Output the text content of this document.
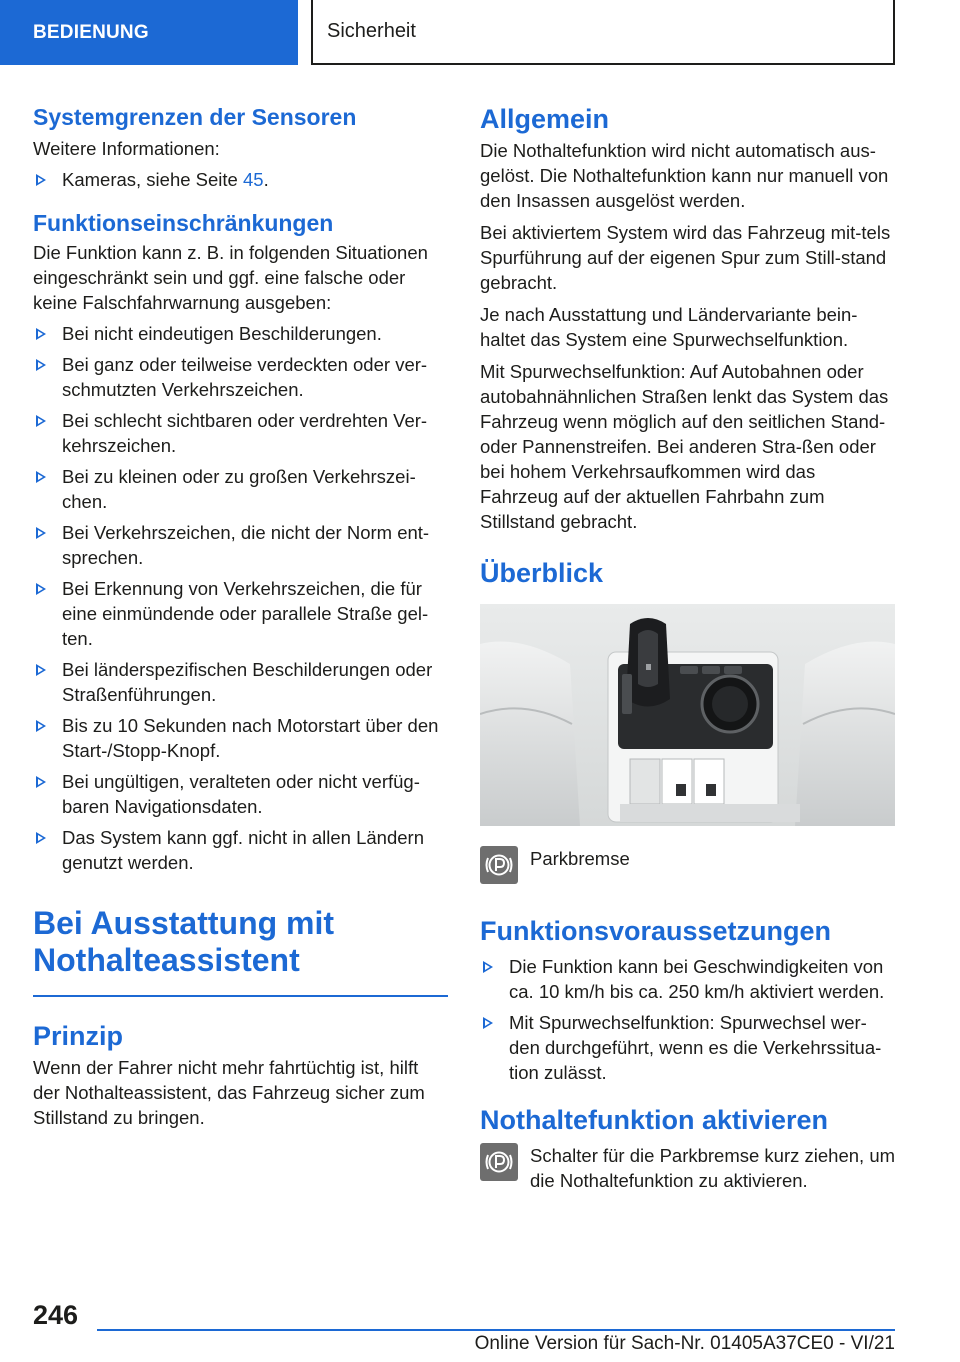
BEDIENUNG	Sicherheit
Systemgrenzen der Sensoren

Weitere Informationen:

Kameras, siehe Seite 45.
Funktionseinschränkungen

Die Funktion kann z. B. in folgenden Situationen eingeschränkt sein und ggf. eine falsche oder keine Falschfahrwarnung ausgeben:

Bei nicht eindeutigen Beschilderungen.
Bei ganz oder teilweise verdeckten oder ver-schmutzten Verkehrszeichen.
Bei schlecht sichtbaren oder verdrehten Ver-kehrszeichen.
Bei zu kleinen oder zu großen Verkehrszei-chen.
Bei Verkehrszeichen, die nicht der Norm ent-sprechen.
Bei Erkennung von Verkehrszeichen, die für eine einmündende oder parallele Straße gel-ten.
Bei länderspezifischen Beschilderungen oder Straßenführungen.
Bis zu 10 Sekunden nach Motorstart über den Start-/Stopp-Knopf.
Bei ungültigen, veralteten oder nicht verfüg-baren Navigationsdaten.
Das System kann ggf. nicht in allen Ländern genutzt werden.
Bei Ausstattung mit Nothalteassistent
Prinzip

Wenn der Fahrer nicht mehr fahrtüchtig ist, hilft der Nothalteassistent, das Fahrzeug sicher zum Stillstand zu bringen.

Allgemein

Die Nothaltefunktion wird nicht automatisch aus-gelöst. Die Nothaltefunktion kann nur manuell von den Insassen ausgelöst werden.

Bei aktiviertem System wird das Fahrzeug mit-tels Spurführung auf der eigenen Spur zum Still-stand gebracht.

Je nach Ausstattung und Ländervariante bein-haltet das System eine Spurwechselfunktion.

Mit Spurwechselfunktion: Auf Autobahnen oder autobahnähnlichen Straßen lenkt das System das Fahrzeug wenn möglich auf den seitlichen Stand- oder Pannenstreifen. Bei anderen Stra-ßen oder bei hohem Verkehrsaufkommen wird das Fahrzeug auf der aktuellen Fahrbahn zum Stillstand gebracht.

Überblick
Parkbremse
Funktionsvoraussetzungen
Die Funktion kann bei Geschwindigkeiten von ca. 10 km/h bis ca. 250 km/h aktiviert werden.
Mit Spurwechselfunktion: Spurwechsel wer-den durchgeführt, wenn es die Verkehrssitua-tion zulässt.
Nothaltefunktion aktivieren
Schalter für die Parkbremse kurz ziehen, um die Nothaltefunktion zu aktivieren.
246
Online Version für Sach-Nr. 01405A37CE0 - VI/21
